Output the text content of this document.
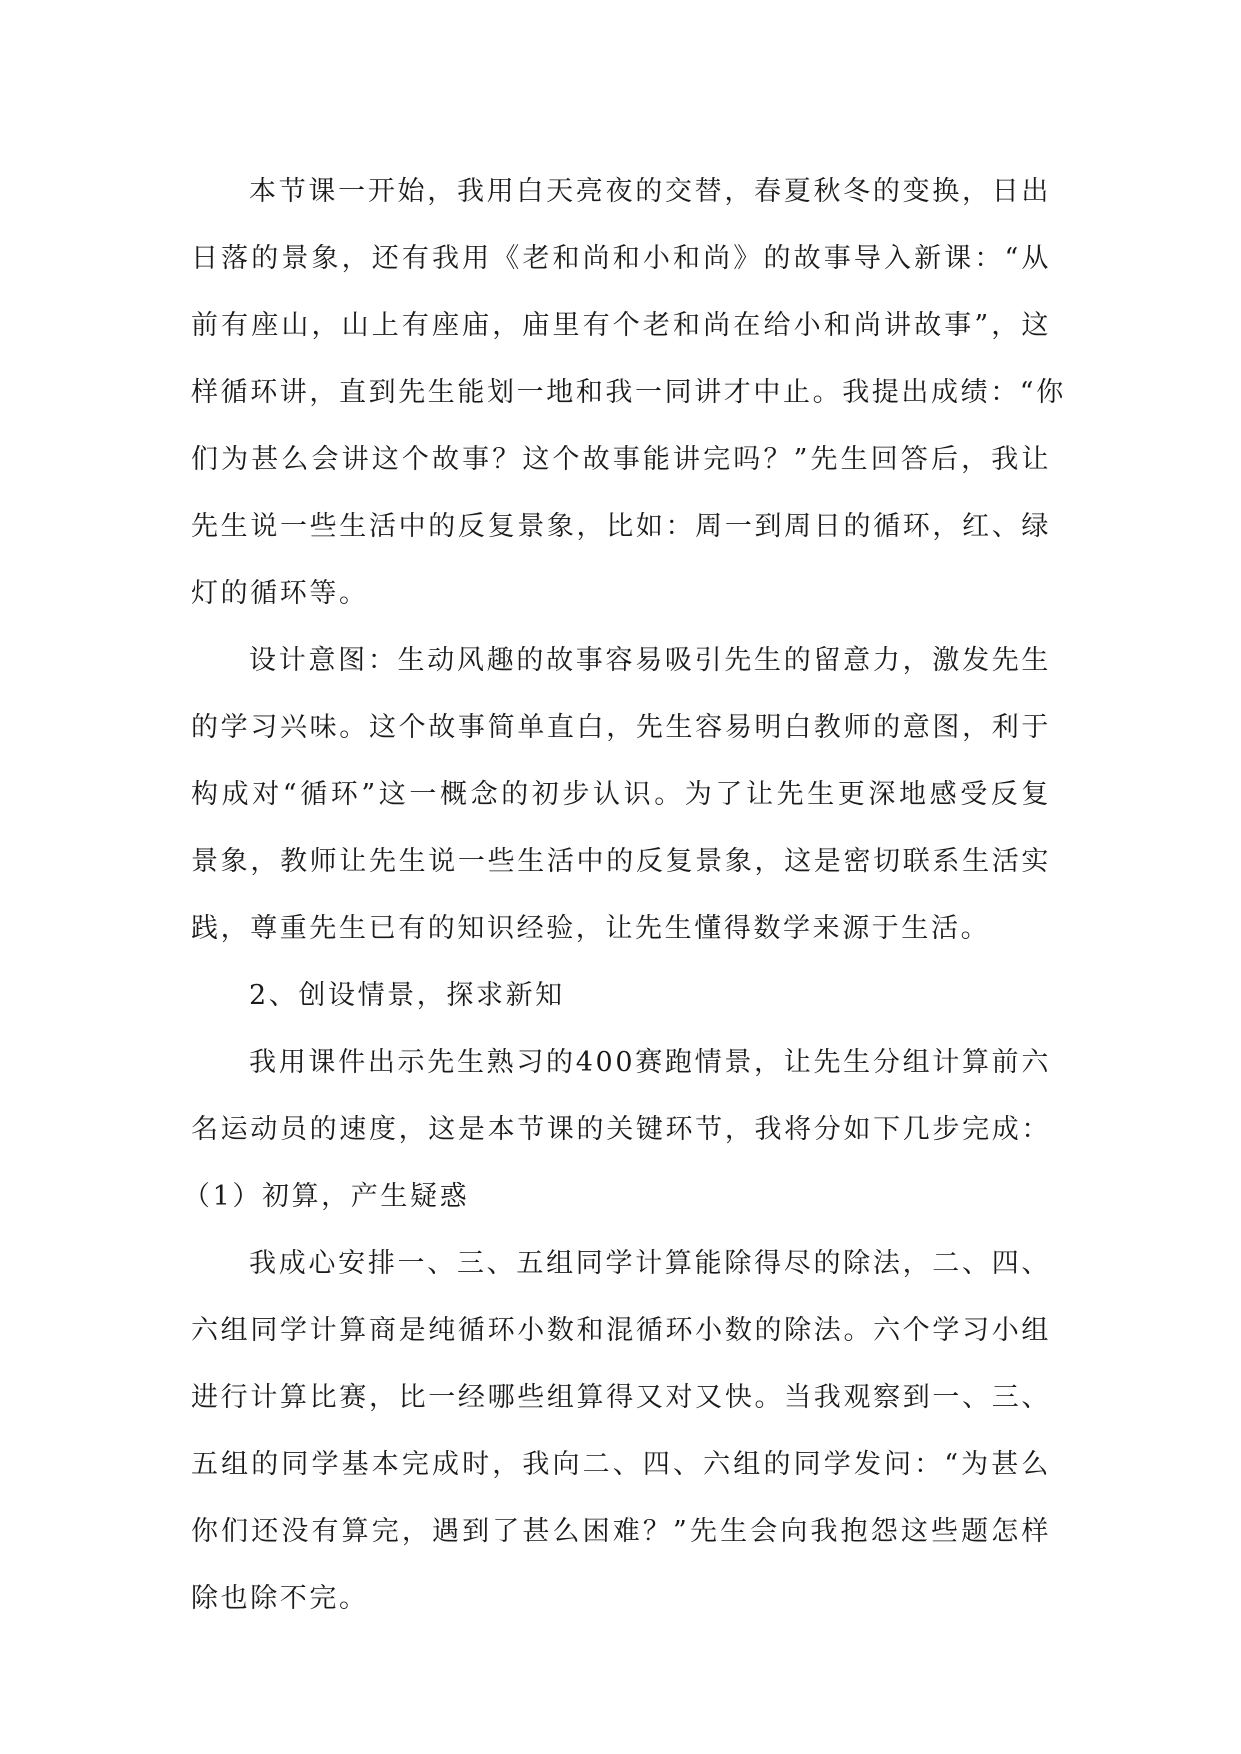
本节课一开始，我用白天亮夜的交替，春夏秋冬的变换，日出
日落的景象，还有我用《老和尚和小和尚》的故事导入新课：“从
前有座山，山上有座庙，庙里有个老和尚在给小和尚讲故事”，这
样循环讲，直到先生能划一地和我一同讲才中止。我提出成绩：“你
们为甚么会讲这个故事？这个故事能讲完吗？”先生回答后，我让
先生说一些生活中的反复景象，比如：周一到周日的循环，红、绿
灯的循环等。
设计意图：生动风趣的故事容易吸引先生的留意力，激发先生
的学习兴味。这个故事简单直白，先生容易明白教师的意图，利于
构成对“循环”这一概念的初步认识。为了让先生更深地感受反复
景象，教师让先生说一些生活中的反复景象，这是密切联系生活实
践，尊重先生已有的知识经验，让先生懂得数学来源于生活。
2、创设情景，探求新知
我用课件出示先生熟习的400赛跑情景，让先生分组计算前六
名运动员的速度，这是本节课的关键环节，我将分如下几步完成：
（1）初算，产生疑惑
我成心安排一、三、五组同学计算能除得尽的除法，二、四、
六组同学计算商是纯循环小数和混循环小数的除法。六个学习小组
进行计算比赛，比一经哪些组算得又对又快。当我观察到一、三、
五组的同学基本完成时，我向二、四、六组的同学发问：“为甚么
你们还没有算完，遇到了甚么困难？”先生会向我抱怨这些题怎样
除也除不完。
